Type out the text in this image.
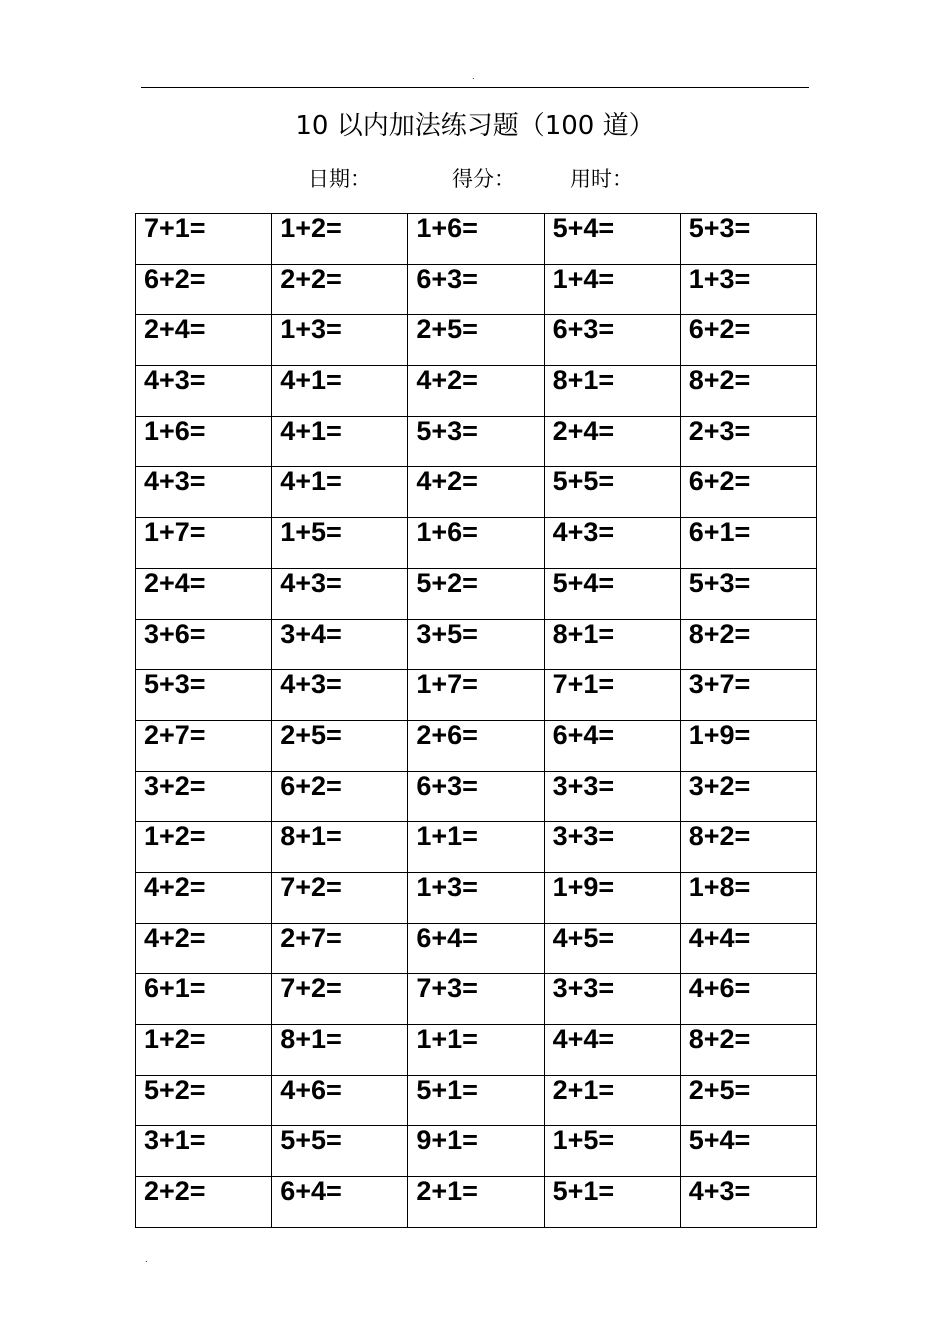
.
10 以内加法练习题（100 道）
日期：	得分：	用时：
7+1=	1+2=	1+6=	5+4=	5+3=

6+2=	2+2=	6+3=	1+4=	1+3=

2+4=	1+3=	2+5=	6+3=	6+2=

4+3=	4+1=	4+2=	8+1=	8+2=

1+6=	4+1=	5+3=	2+4=	2+3=

4+3=	4+1=	4+2=	5+5=	6+2=

1+7=	1+5=	1+6=	4+3=	6+1=

2+4=	4+3=	5+2=	5+4=	5+3=

3+6=	3+4=	3+5=	8+1=	8+2=

5+3=	4+3=	1+7=	7+1=	3+7=

2+7=	2+5=	2+6=	6+4=	1+9=

3+2=	6+2=	6+3=	3+3=	3+2=

1+2=	8+1=	1+1=	3+3=	8+2=

4+2=	7+2=	1+3=	1+9=	1+8=

4+2=	2+7=	6+4=	4+5=	4+4=

6+1=	7+2=	7+3=	3+3=	4+6=

1+2=	8+1=	1+1=	4+4=	8+2=

5+2=	4+6=	5+1=	2+1=	2+5=

3+1=	5+5=	9+1=	1+5=	5+4=

2+2=	6+4=	2+1=	5+1=	4+3=
.
